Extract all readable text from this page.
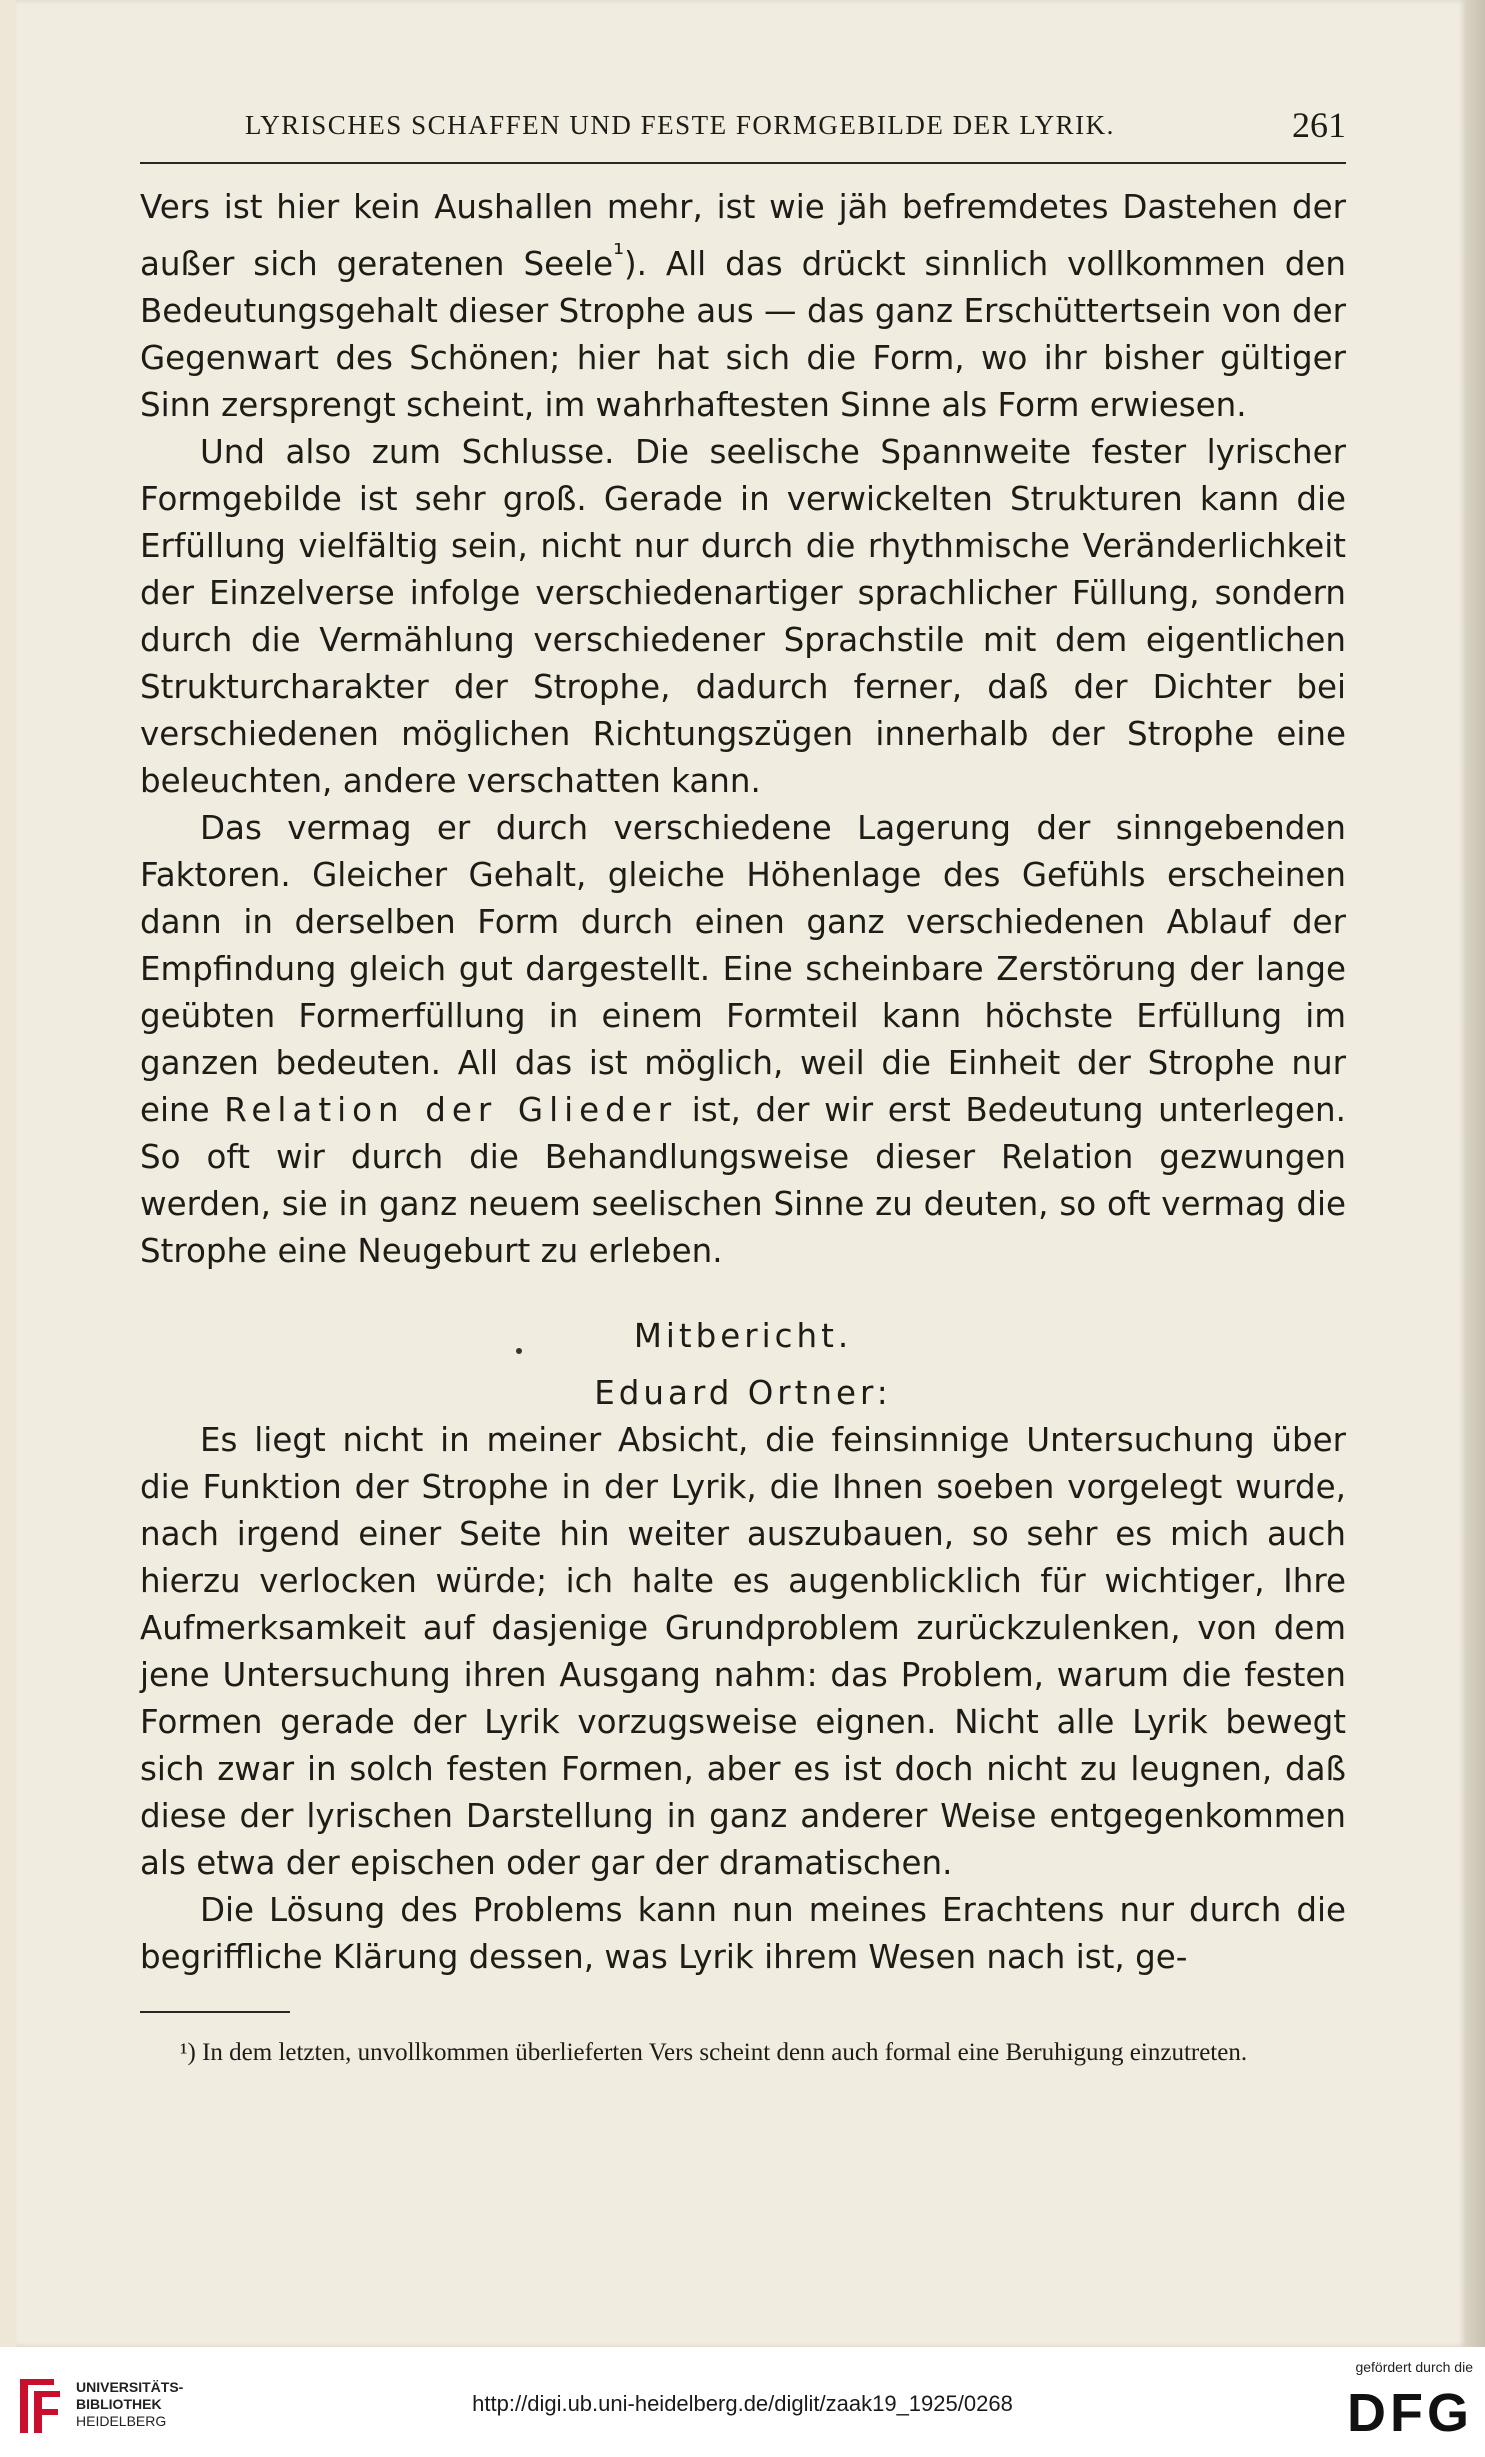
LYRISCHES SCHAFFEN UND FESTE FORMGEBILDE DER LYRIK.	261

Vers ist hier kein Aushallen mehr, ist wie jäh befremdetes Dastehen der außer sich geratenen Seele$^{^1}$). All das drückt sinnlich vollkommen den Bedeutungsgehalt dieser Strophe aus — das ganz Erschüttertsein von der Gegenwart des Schönen; hier hat sich die Form, wo ihr bisher gültiger Sinn zersprengt scheint, im wahrhaftesten Sinne als Form erwiesen.

Und also zum Schlusse. Die seelische Spannweite fester lyrischer Formgebilde ist sehr groß. Gerade in verwickelten Strukturen kann die Erfüllung vielfältig sein, nicht nur durch die rhythmische Veränderlichkeit der Einzelverse infolge verschiedenartiger sprachlicher Füllung, sondern durch die Vermählung verschiedener Sprachstile mit dem eigentlichen Strukturcharakter der Strophe, dadurch ferner, daß der Dichter bei verschiedenen möglichen Richtungszügen innerhalb der Strophe eine beleuchten, andere verschatten kann.

Das vermag er durch verschiedene Lagerung der sinngebenden Faktoren. Gleicher Gehalt, gleiche Höhenlage des Gefühls erscheinen dann in derselben Form durch einen ganz verschiedenen Ablauf der Empfindung gleich gut dargestellt. Eine scheinbare Zerstörung der lange geübten Formerfüllung in einem Formteil kann höchste Erfüllung im ganzen bedeuten. All das ist möglich, weil die Einheit der Strophe nur eine Relation der Glieder ist, der wir erst Bedeutung unterlegen. So oft wir durch die Behandlungsweise dieser Relation gezwungen werden, sie in ganz neuem seelischen Sinne zu deuten, so oft vermag die Strophe eine Neugeburt zu erleben.

Mitbericht.

Eduard Ortner:

Es liegt nicht in meiner Absicht, die feinsinnige Untersuchung über die Funktion der Strophe in der Lyrik, die Ihnen soeben vorgelegt wurde, nach irgend einer Seite hin weiter auszubauen, so sehr es mich auch hierzu verlocken würde; ich halte es augenblicklich für wichtiger, Ihre Aufmerksamkeit auf dasjenige Grundproblem zurückzulenken, von dem jene Untersuchung ihren Ausgang nahm: das Problem, warum die festen Formen gerade der Lyrik vorzugsweise eignen. Nicht alle Lyrik bewegt sich zwar in solch festen Formen, aber es ist doch nicht zu leugnen, daß diese der lyrischen Darstellung in ganz anderer Weise entgegenkommen als etwa der epischen oder gar der dramatischen.

Die Lösung des Problems kann nun meines Erachtens nur durch die begriffliche Klärung dessen, was Lyrik ihrem Wesen nach ist, ge-

¹) In dem letzten, unvollkommen überlieferten Vers scheint denn auch formal eine Beruhigung einzutreten.

UNIVERSITÄTS-
BIBLIOTHEK
HEIDELBERG
http://digi.ub.uni-heidelberg.de/diglit/zaak19_1925/0268
gefördert durch die
DFG
